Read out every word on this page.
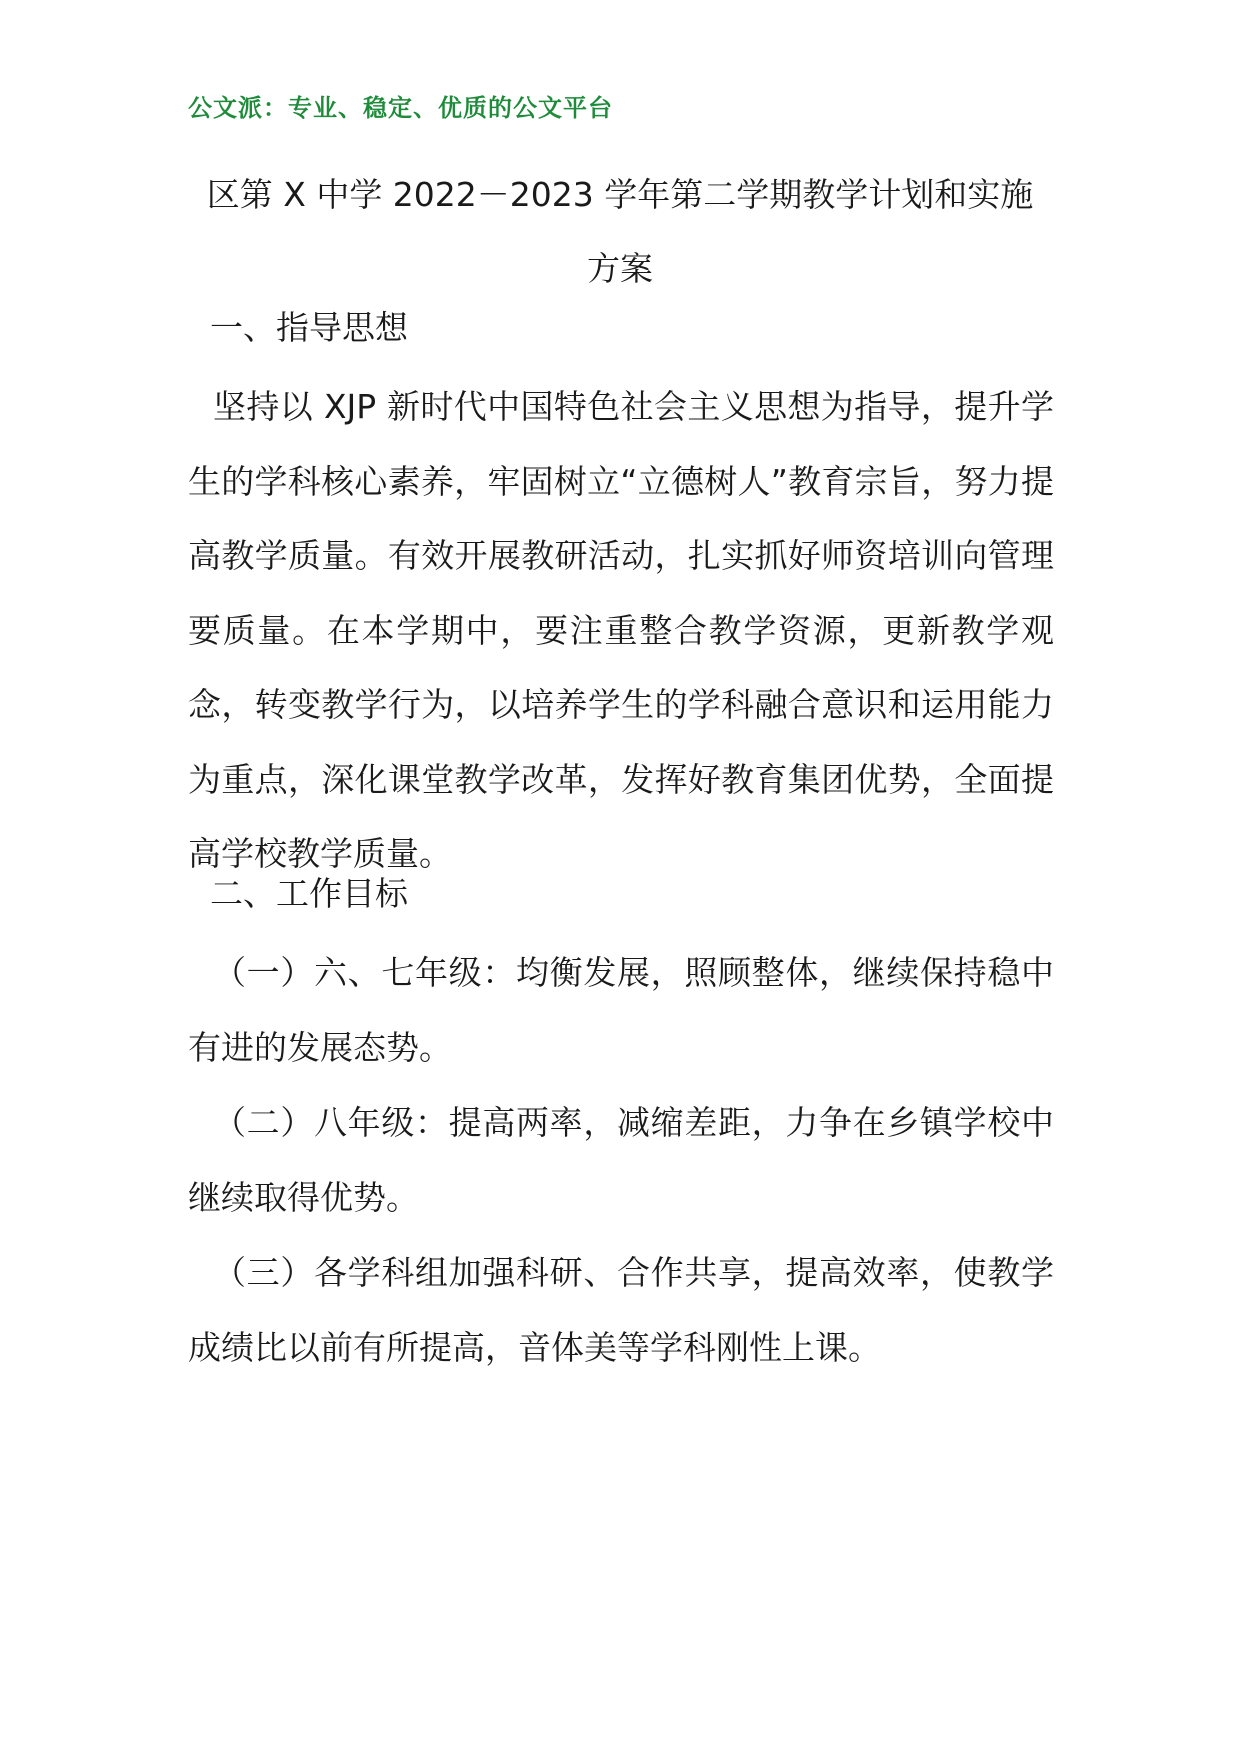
公文派：专业、稳定、优质的公文平台
区第 X 中学 2022－2023 学年第二学期教学计划和实施
方案
一、指导思想
坚持以 XJP 新时代中国特色社会主义思想为指导，提升学生的学科核心素养，牢固树立“立德树人”教育宗旨，努力提高教学质量。有效开展教研活动，扎实抓好师资培训向管理要质量。在本学期中，要注重整合教学资源，更新教学观念，转变教学行为，以培养学生的学科融合意识和运用能力为重点，深化课堂教学改革，发挥好教育集团优势，全面提高学校教学质量。
二、工作目标
（一）六、七年级：均衡发展，照顾整体，继续保持稳中有进的发展态势。
（二）八年级：提高两率，减缩差距，力争在乡镇学校中继续取得优势。
（三）各学科组加强科研、合作共享，提高效率，使教学成绩比以前有所提高，音体美等学科刚性上课。
